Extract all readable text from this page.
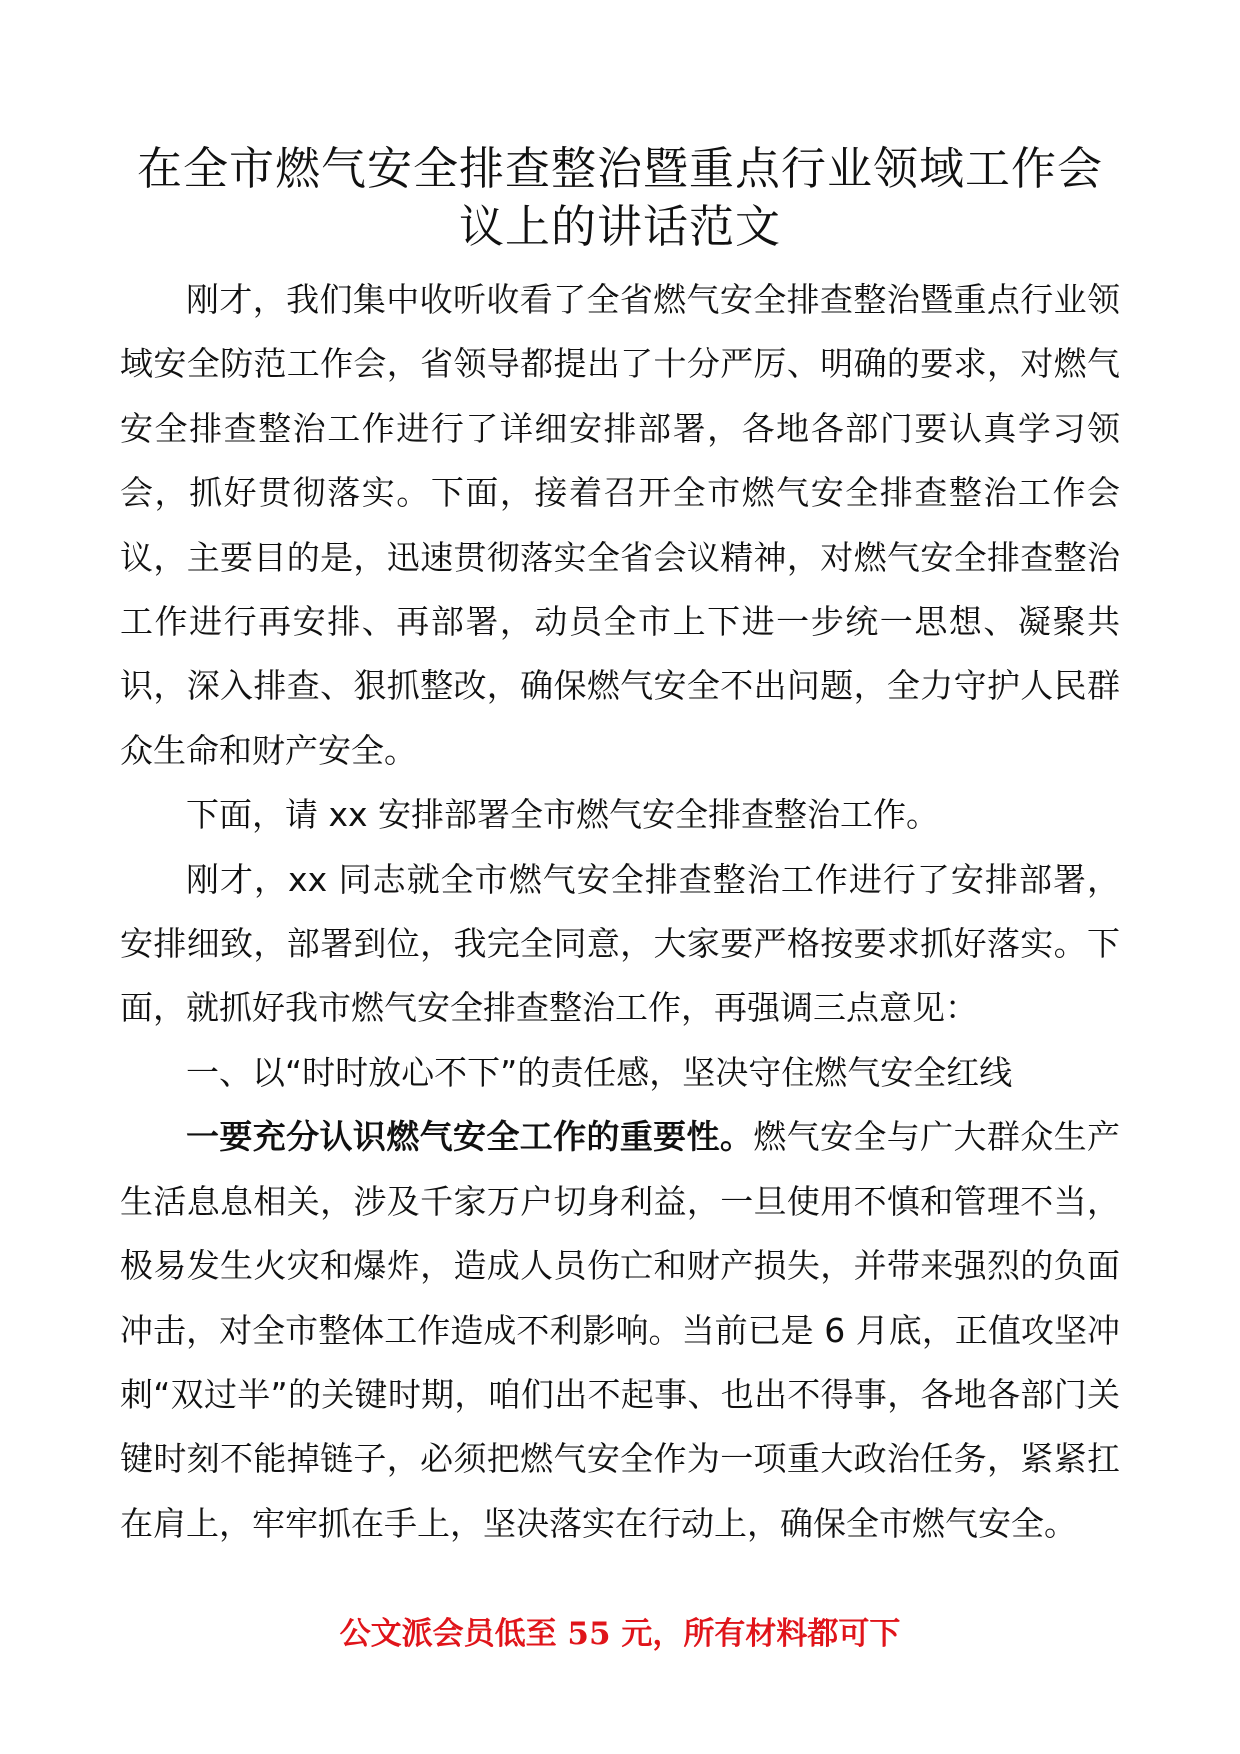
在全市燃气安全排查整治暨重点行业领域工作会
议上的讲话范文

刚才，我们集中收听收看了全省燃气安全排查整治暨重点行业领域安全防范工作会，省领导都提出了十分严厉、明确的要求，对燃气安全排查整治工作进行了详细安排部署，各地各部门要认真学习领会，抓好贯彻落实。下面，接着召开全市燃气安全排查整治工作会议，主要目的是，迅速贯彻落实全省会议精神，对燃气安全排查整治工作进行再安排、再部署，动员全市上下进一步统一思想、凝聚共识，深入排查、狠抓整改，确保燃气安全不出问题，全力守护人民群众生命和财产安全。

下面，请 xx 安排部署全市燃气安全排查整治工作。

刚才，xx 同志就全市燃气安全排查整治工作进行了安排部署，安排细致，部署到位，我完全同意，大家要严格按要求抓好落实。下面，就抓好我市燃气安全排查整治工作，再强调三点意见：

一、以“时时放心不下”的责任感，坚决守住燃气安全红线

一要充分认识燃气安全工作的重要性。燃气安全与广大群众生产生活息息相关，涉及千家万户切身利益，一旦使用不慎和管理不当，极易发生火灾和爆炸，造成人员伤亡和财产损失，并带来强烈的负面冲击，对全市整体工作造成不利影响。当前已是 6 月底，正值攻坚冲刺“双过半”的关键时期，咱们出不起事、也出不得事，各地各部门关键时刻不能掉链子，必须把燃气安全作为一项重大政治任务，紧紧扛在肩上，牢牢抓在手上，坚决落实在行动上，确保全市燃气安全。

公文派会员低至 55 元，所有材料都可下
